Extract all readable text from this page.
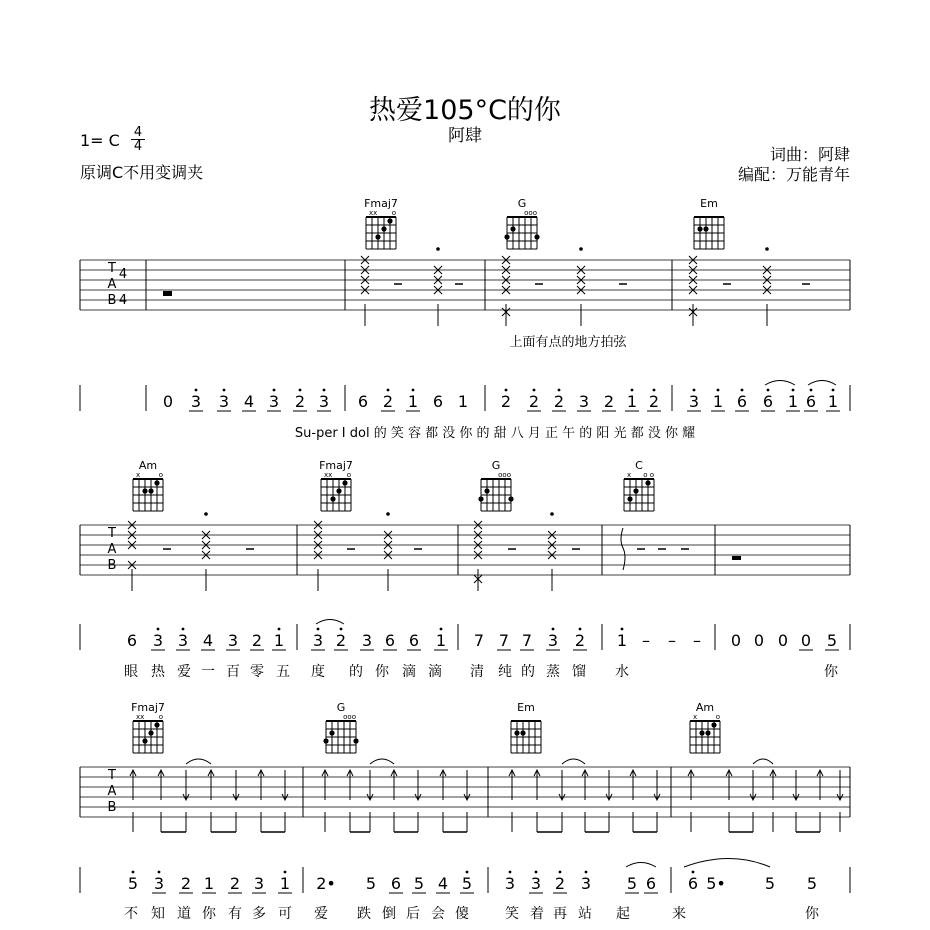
热爱105°C的你
阿肆
1= C 4
4
原调C不用变调夹
词曲：阿肆
编配：万能青年
Fmaj7
xx o
G
ooo
Em
T
A
B
4
4
上面有点的地方拍弦
0 3 3 4 3 2 3 6 2 1 6 1 2 2 2 3 2 1 2 3 1 6 6 1 6 1
Su-per I dol 的 笑 容 都 没 你 的 甜 八 月 正 午 的 阳 光 都 没 你 耀
Am
x	o
Fmaj7
xx o
G
ooo
C
x o o
T
A
B
6 3 3 4 3 2 1 3 2 3 6 6 1 7 7 7 3 2 1 – – – 0 0 0 0 5
眼 热 爱 一 百 零 五 度 的 你 滴 滴 清 纯 的 蒸 馏 水	你
Fmaj7
xx o
G
ooo
Em	Am
x	o
T
A
B
5 3 2 1 2 3 1 2• 5 6 5 4 5 3 3 2 3 5 6 6 5• 5 5
不 知 道 你 有 多 可 爱 跌 倒 后 会 傻	笑 着 再 站 起	来	你
